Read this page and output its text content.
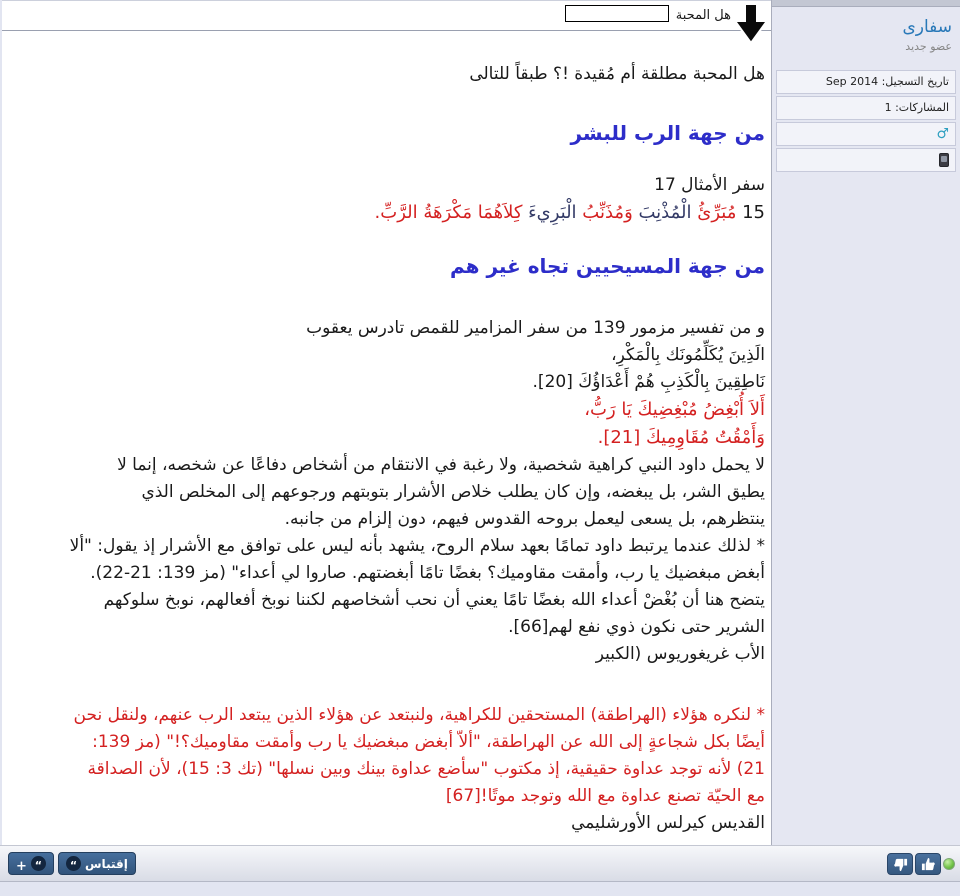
هل المحبة
هل المحبة مطلقة أم مُقيدة !؟ طبقاً للتالى
من جهة الرب للبشر
سفر الأمثال 17
15 مُبَرِّئُ الْمُذْنِبَ وَمُذَنِّبُ الْبَرِيءَ كِلاَهُمَا مَكْرَهَةُ الرَّبِّ.
من جهة المسيحيين تجاه غير هم
و من تفسير مزمور 139 من سفر المزامير للقمص تادرس يعقوب
الَذِينَ يُكَلِّمُونَك بِالْمَكْرِ،
نَاطِقِينَ بِالْكَذِبِ هُمْ أَعْدَاؤُكَ [20].
أَلاَ أُبْغِضُ مُبْغِضِيكَ يَا رَبُّ،
وَأَمْقُتُ مُقَاوِمِيكَ [21].
لا يحمل داود النبي كراهية شخصية، ولا رغبة في الانتقام من أشخاص دفاعًا عن شخصه، إنما لا
يطيق الشر، بل يبغضه، وإن كان يطلب خلاص الأشرار بتوبتهم ورجوعهم إلى المخلص الذي
ينتظرهم، بل يسعى ليعمل بروحه القدوس فيهم، دون إلزام من جانبه.
* لذلك عندما يرتبط داود تمامًا بعهد سلام الروح، يشهد بأنه ليس على توافق مع الأشرار إذ يقول: "ألا
أبغض مبغضيك يا رب، وأمقت مقاوميك؟ بغضًا تامًا أبغضتهم. صاروا لي أعداء" (مز 139: 21-22).
يتضح هنا أن بُغْضْ أعداء الله بغضًا تامًا يعني أن نحب أشخاصهم لكننا نوبخ أفعالهم، نوبخ سلوكهم
الشرير حتى نكون ذوي نفع لهم[66].
الأب غريغوريوس (الكبير
* لنكره هؤلاء (الهراطقة) المستحقين للكراهية، ولنبتعد عن هؤلاء الذين يبتعد الرب عنهم، ولنقل نحن
أيضًا بكل شجاعةٍ إلى الله عن الهراطقة، "ألاّ أبغض مبغضيك يا رب وأمقت مقاوميك؟!" (مز 139:
21) لأنه توجد عداوة حقيقية، إذ مكتوب "سأضع عداوة بينك وبين نسلها" (تك 3: 15)، لأن الصداقة
مع الحيّة تصنع عداوة مع الله وتوجد موتًا![67]
القديس كيرلس الأورشليمي
سفارى
عضو جديد
تاريخ التسجيل: Sep 2014
المشاركات: 1
♂
+ “	“ إقتباس
